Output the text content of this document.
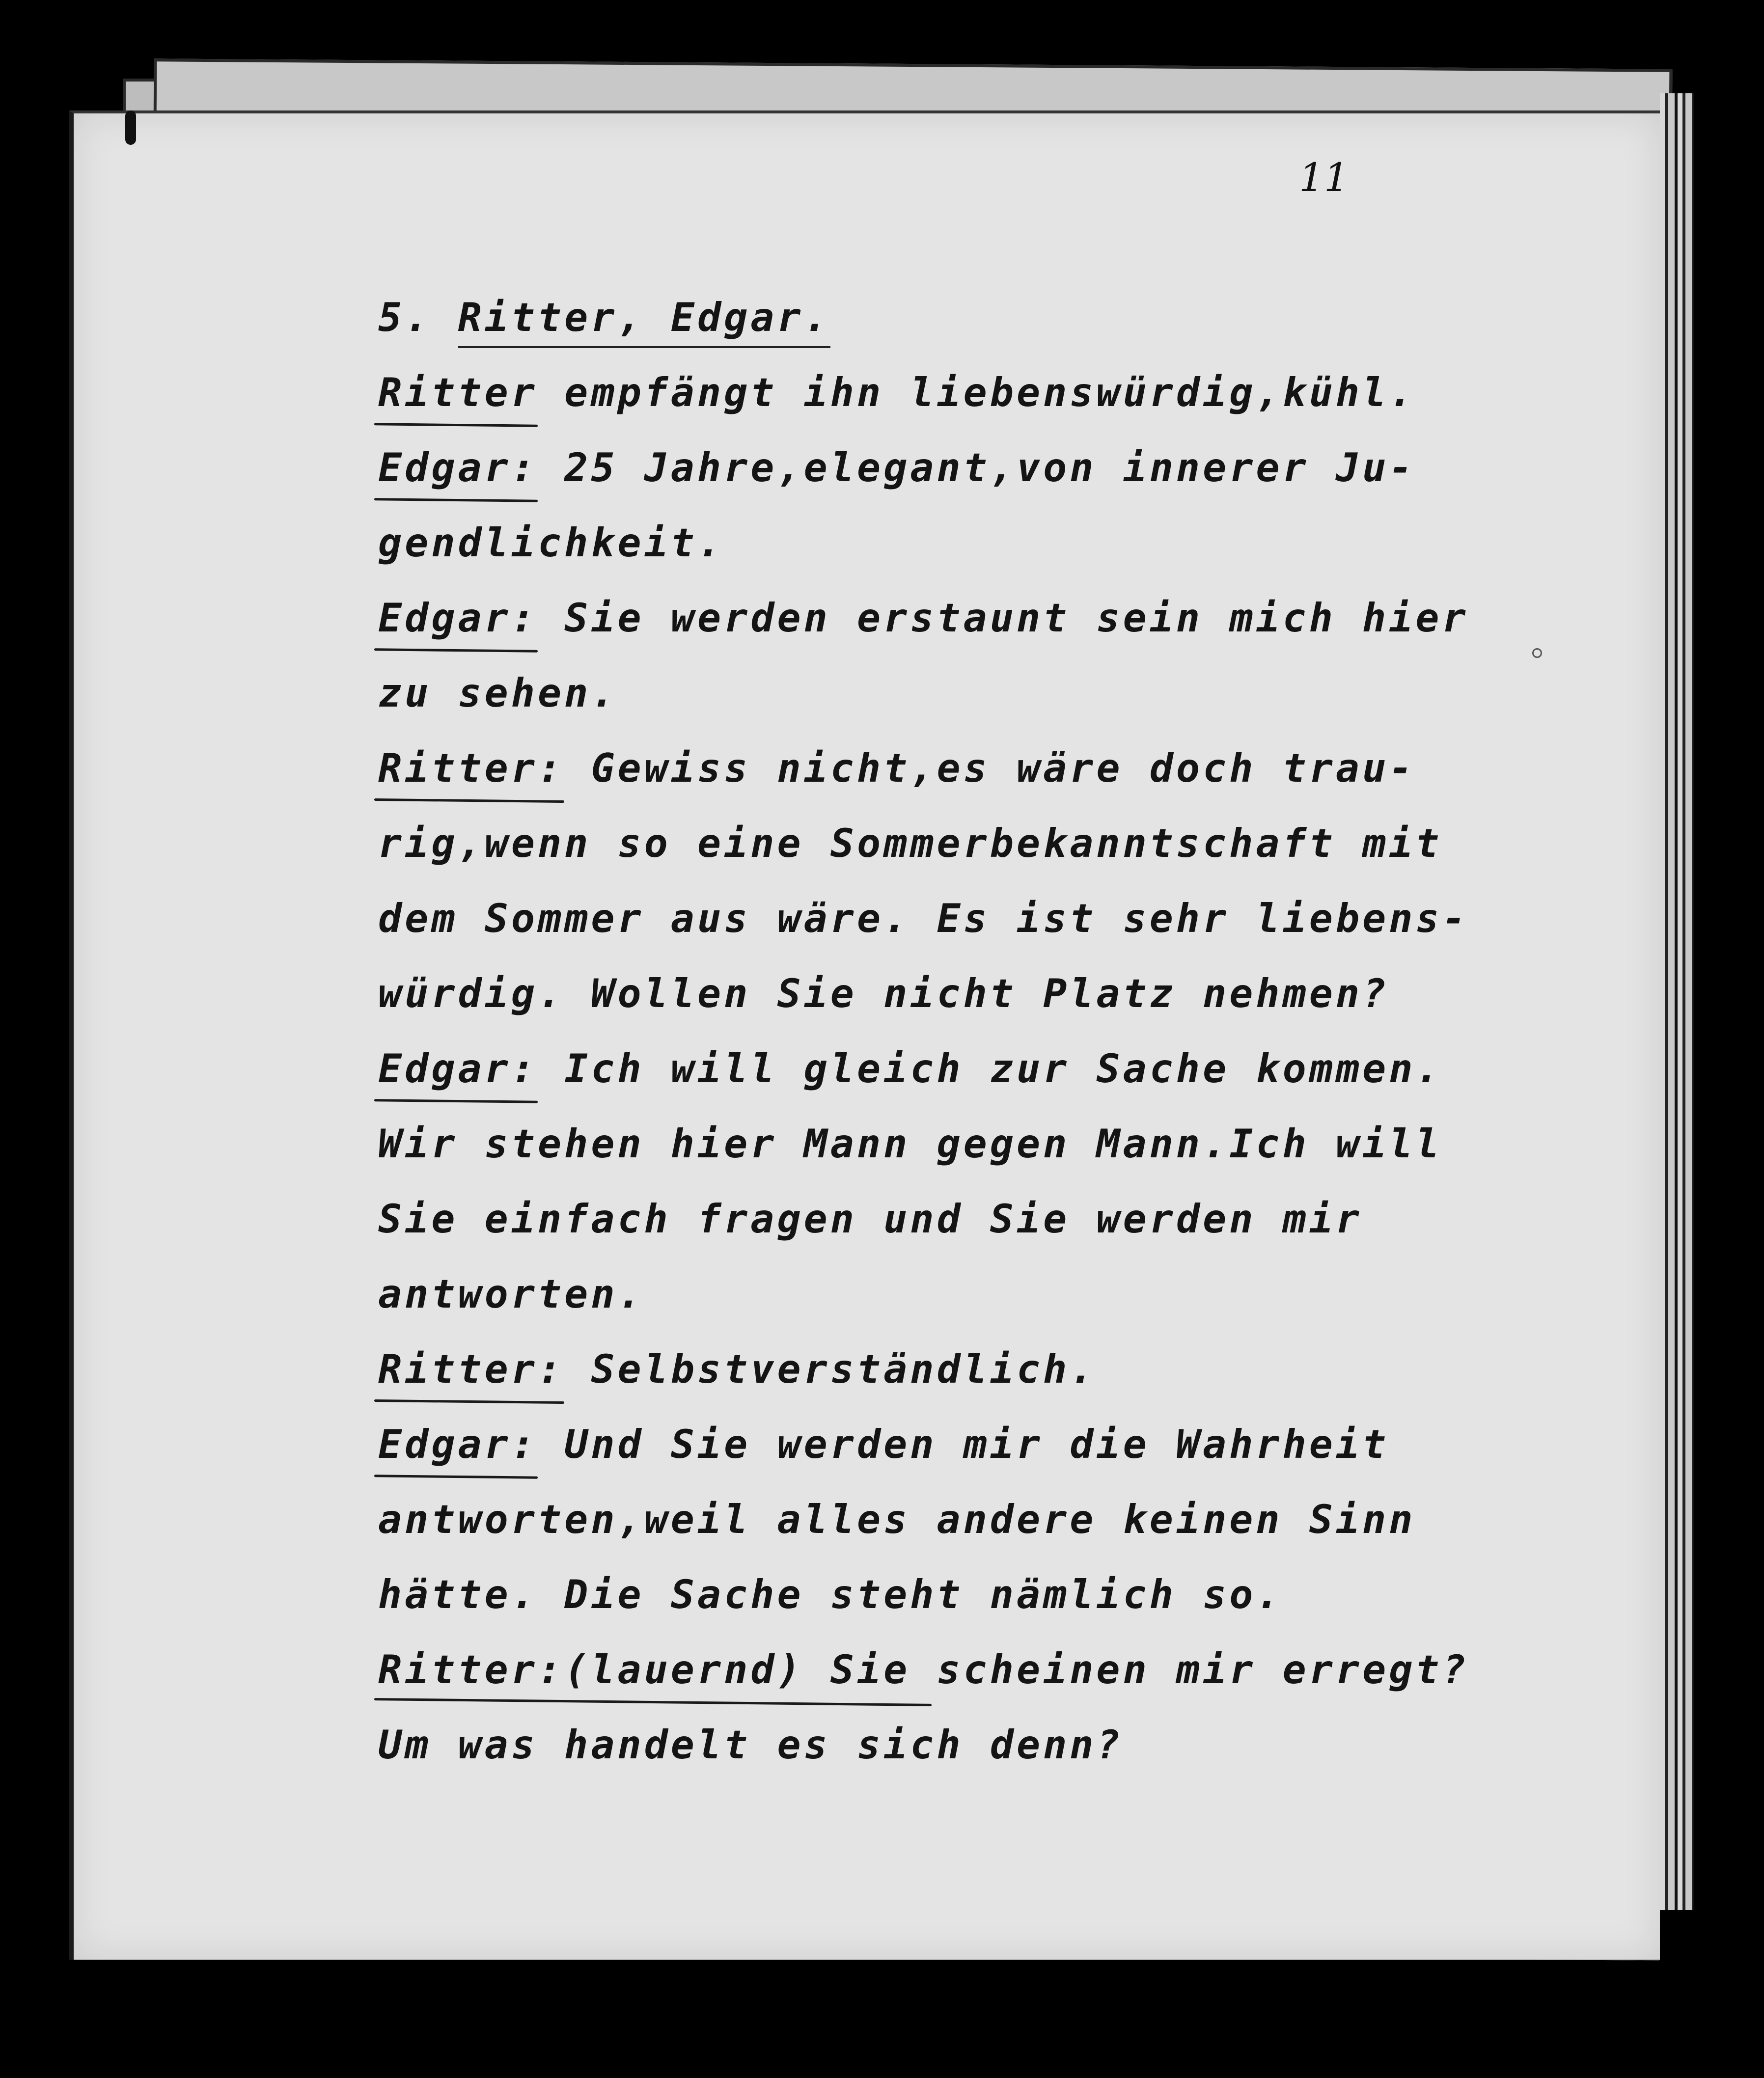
11
5. Ritter, Edgar.
Ritter empfängt ihn liebenswürdig,kühl.
Edgar: 25 Jahre,elegant,von innerer Ju-
gendlichkeit.
Edgar: Sie werden erstaunt sein mich hier
zu sehen.
Ritter: Gewiss nicht,es wäre doch trau-
rig,wenn so eine Sommerbekanntschaft mit
dem Sommer aus wäre. Es ist sehr liebens-
würdig. Wollen Sie nicht Platz nehmen?
Edgar: Ich will gleich zur Sache kommen.
Wir stehen hier Mann gegen Mann.Ich will
Sie einfach fragen und Sie werden mir
antworten.
Ritter: Selbstverständlich.
Edgar: Und Sie werden mir die Wahrheit
antworten,weil alles andere keinen Sinn
hätte. Die Sache steht nämlich so.
Ritter:(lauernd) Sie scheinen mir erregt?
Um was handelt es sich denn?
